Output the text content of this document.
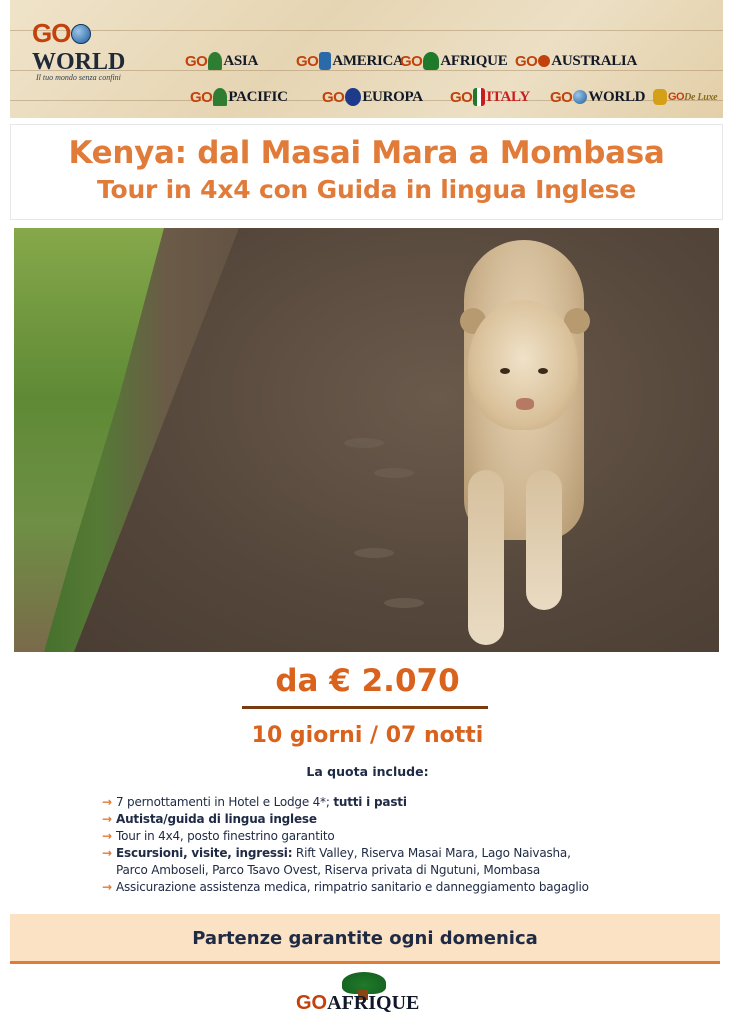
GOWORLD
Il tuo mondo senza confini
GO ASIA	GO AMERICA
GO AFRIQUE GO AUSTRALIA
GO PACIFIC GO EUROPA GO ITALY GO WORLD GO De Luxe
Kenya: dal Masai Mara a Mombasa
Tour in 4x4 con Guida in lingua Inglese
da € 2.070
10 giorni / 07 notti
La quota include:
→ 7 pernottamenti in Hotel e Lodge 4*; tutti i pasti
→ Autista/guida di lingua inglese
→ Tour in 4x4, posto finestrino garantito
→ Escursioni, visite, ingressi: Rift Valley, Riserva Masai Mara, Lago Naivasha,
Parco Amboseli, Parco Tsavo Ovest, Riserva privata di Ngutuni, Mombasa
→ Assicurazione assistenza medica, rimpatrio sanitario e danneggiamento bagaglio
Partenze garantite ogni domenica
GOAFRIQUE
